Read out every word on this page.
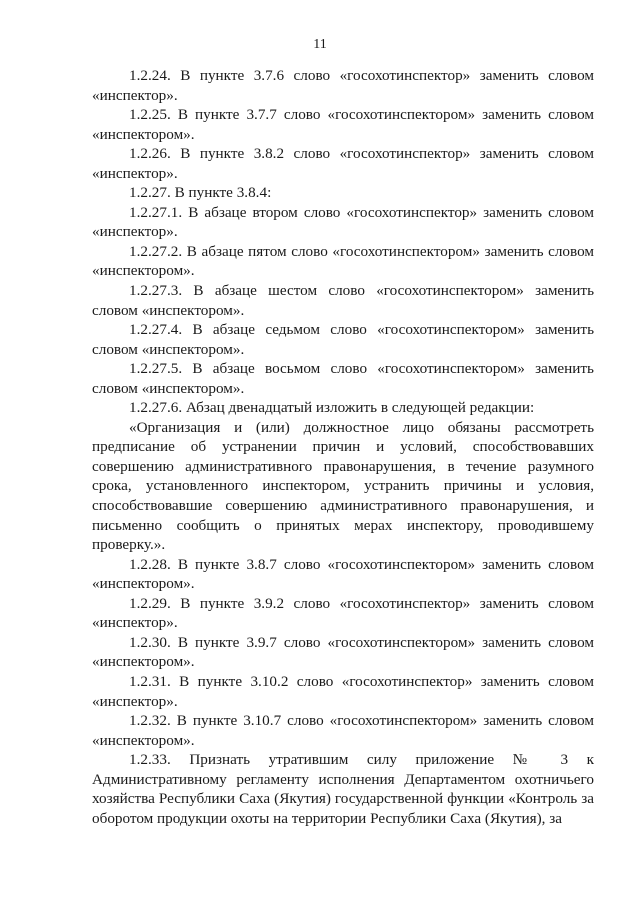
11

1.2.24. В пункте 3.7.6 слово «госохотинспектор» заменить словом «инспектор».

1.2.25. В пункте 3.7.7 слово «госохотинспектором» заменить словом «инспектором».

1.2.26. В пункте 3.8.2 слово «госохотинспектор» заменить словом «инспектор».

1.2.27. В пункте 3.8.4:

1.2.27.1. В абзаце втором слово «госохотинспектор» заменить словом «инспектор».

1.2.27.2. В абзаце пятом слово «госохотинспектором» заменить словом «инспектором».

1.2.27.3. В абзаце шестом слово «госохотинспектором» заменить словом «инспектором».

1.2.27.4. В абзаце седьмом слово «госохотинспектором» заменить словом «инспектором».

1.2.27.5. В абзаце восьмом слово «госохотинспектором» заменить словом «инспектором».

1.2.27.6. Абзац двенадцатый изложить в следующей редакции:

«Организация и (или) должностное лицо обязаны рассмотреть предписание об устранении причин и условий, способствовавших совершению административного правонарушения, в течение разумного срока, установленного инспектором, устранить причины и условия, способствовавшие совершению административного правонарушения, и письменно сообщить о принятых мерах инспектору, проводившему проверку.».

1.2.28. В пункте 3.8.7 слово «госохотинспектором» заменить словом «инспектором».

1.2.29. В пункте 3.9.2 слово «госохотинспектор» заменить словом «инспектор».

1.2.30. В пункте 3.9.7 слово «госохотинспектором» заменить словом «инспектором».

1.2.31. В пункте 3.10.2 слово «госохотинспектор» заменить словом «инспектор».

1.2.32. В пункте 3.10.7 слово «госохотинспектором» заменить словом «инспектором».

1.2.33. Признать утратившим силу приложение № 3 к Административному регламенту исполнения Департаментом охотничьего хозяйства Республики Саха (Якутия) государственной функции «Контроль за оборотом продукции охоты на территории Республики Саха (Якутия), за
